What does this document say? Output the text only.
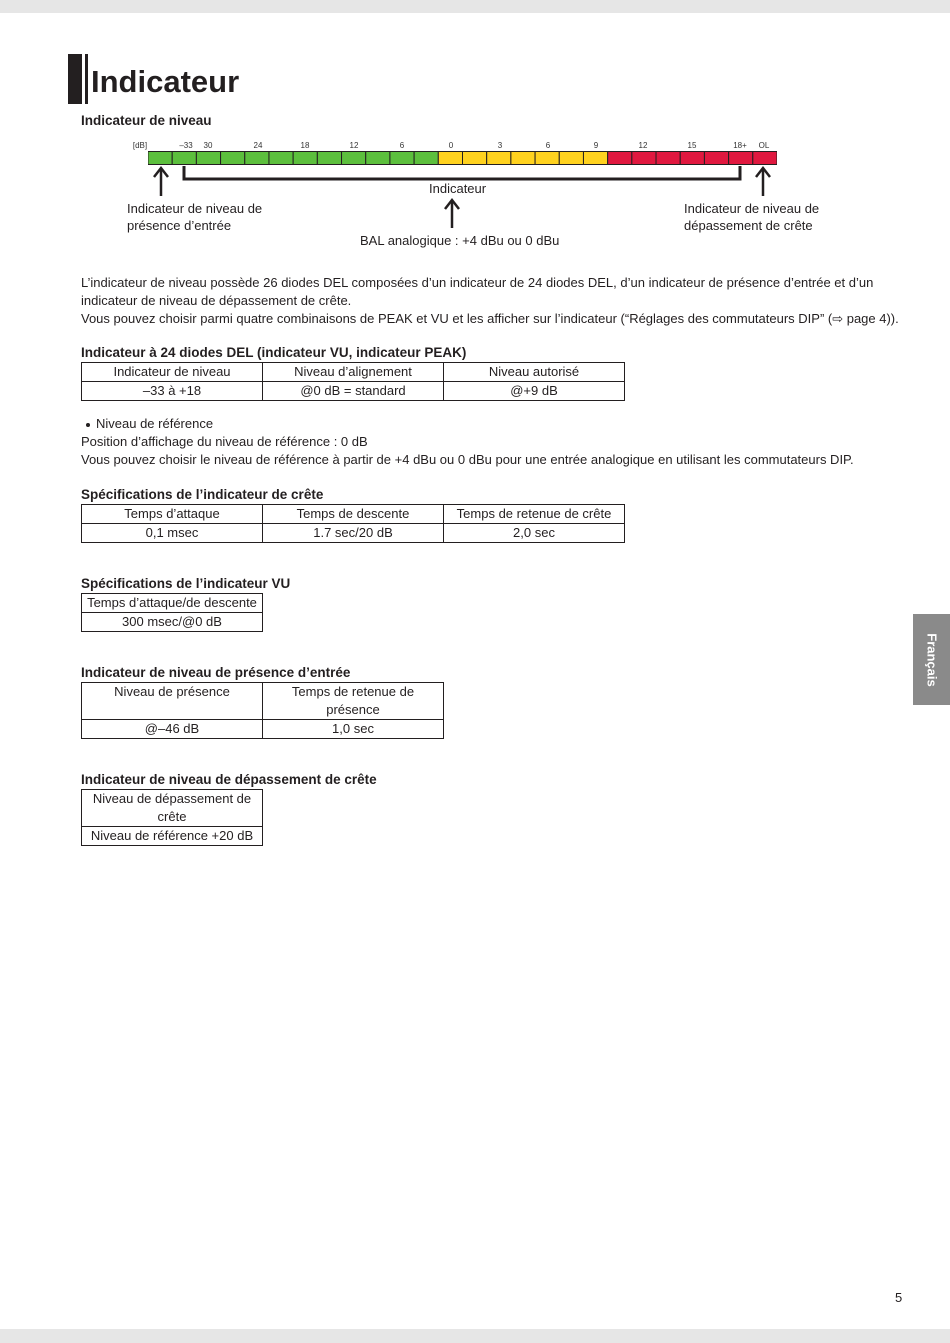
Indicateur
Indicateur de niveau
[dB]	–33 30	24	18	12	6	0	3	6	9	12	15	18+ OL
Indicateur
Indicateur de niveau de
présence d’entrée
Indicateur de niveau de
dépassement de crête
BAL analogique : +4 dBu ou 0 dBu
L’indicateur de niveau possède 26 diodes DEL composées d’un indicateur de 24 diodes DEL, d’un indicateur de présence d’entrée et d’un
indicateur de niveau de dépassement de crête.
Vous pouvez choisir parmi quatre combinaisons de PEAK et VU et les afficher sur l’indicateur (“Réglages des commutateurs DIP” (⇨ page 4)).
Indicateur à 24 diodes DEL (indicateur VU, indicateur PEAK)
Indicateur de niveau	Niveau d’alignement	Niveau autorisé
–33 à +18	@0 dB = standard	@+9 dB
Niveau de référence
Position d’affichage du niveau de référence : 0 dB
Vous pouvez choisir le niveau de référence à partir de +4 dBu ou 0 dBu pour une entrée analogique en utilisant les commutateurs DIP.
Spécifications de l’indicateur de crête
Temps d’attaque	Temps de descente	Temps de retenue de crête
0,1 msec	1.7 sec/20 dB	2,0 sec
Spécifications de l’indicateur VU
Temps d’attaque/de descente
300 msec/@0 dB
Indicateur de niveau de présence d’entrée
Niveau de présence	Temps de retenue de
présence

@–46 dB	1,0 sec
Indicateur de niveau de dépassement de crête
Niveau de dépassement de
crête

Niveau de référence +20 dB
Français
5
